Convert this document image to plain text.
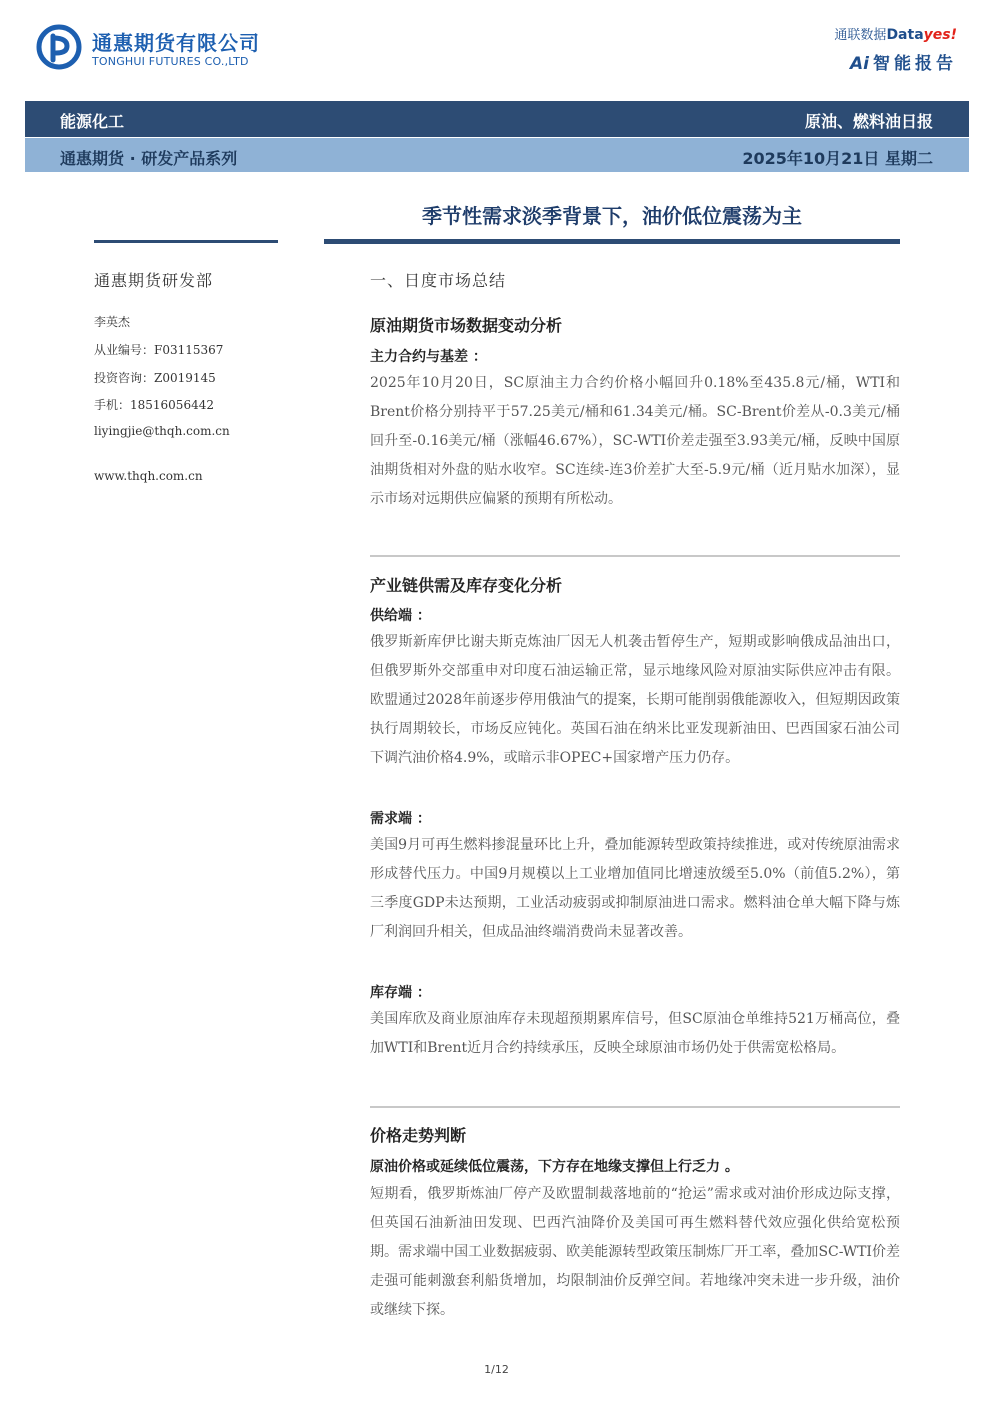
通惠期货有限公司
TONGHUI FUTURES CO.,LTD
通联数据Datayes!
Ai 智能报告
能源化工	原油、燃料油日报
通惠期货 · 研发产品系列	2025年10月21日 星期二
季节性需求淡季背景下，油价低位震荡为主
通惠期货研发部
李英杰
从业编号：F03115367
投资咨询：Z0019145
手机：18516056442
liyingjie@thqh.com.cn
www.thqh.com.cn
一、日度市场总结
原油期货市场数据变动分析
主力合约与基差 ：
2025年10月20日，SC原油主力合约价格小幅回升0.18%至435.8元/桶，WTI和Brent价格分别持平于57.25美元/桶和61.34美元/桶。SC-Brent价差从-0.3美元/桶回升至-0.16美元/桶（涨幅46.67%），SC-WTI价差走强至3.93美元/桶，反映中国原油期货相对外盘的贴水收窄。SC连续-连3价差扩大至-5.9元/桶（近月贴水加深），显示市场对远期供应偏紧的预期有所松动。
产业链供需及库存变化分析
供给端 ：
俄罗斯新库伊比谢夫斯克炼油厂因无人机袭击暂停生产，短期或影响俄成品油出口，但俄罗斯外交部重申对印度石油运输正常，显示地缘风险对原油实际供应冲击有限。欧盟通过2028年前逐步停用俄油气的提案，长期可能削弱俄能源收入，但短期因政策执行周期较长，市场反应钝化。英国石油在纳米比亚发现新油田、巴西国家石油公司下调汽油价格4.9%，或暗示非OPEC+国家增产压力仍存。
需求端 ：
美国9月可再生燃料掺混量环比上升，叠加能源转型政策持续推进，或对传统原油需求形成替代压力。中国9月规模以上工业增加值同比增速放缓至5.0%（前值5.2%），第三季度GDP未达预期，工业活动疲弱或抑制原油进口需求。燃料油仓单大幅下降与炼厂利润回升相关，但成品油终端消费尚未显著改善。
库存端 ：
美国库欣及商业原油库存未现超预期累库信号，但SC原油仓单维持521万桶高位，叠加WTI和Brent近月合约持续承压，反映全球原油市场仍处于供需宽松格局。
价格走势判断
原油价格或延续低位震荡，下方存在地缘支撑但上行乏力 。
短期看，俄罗斯炼油厂停产及欧盟制裁落地前的“抢运”需求或对油价形成边际支撑，但英国石油新油田发现、巴西汽油降价及美国可再生燃料替代效应强化供给宽松预期。需求端中国工业数据疲弱、欧美能源转型政策压制炼厂开工率，叠加SC-WTI价差走强可能刺激套利船货增加，均限制油价反弹空间。若地缘冲突未进一步升级，油价或继续下探。
1/12
